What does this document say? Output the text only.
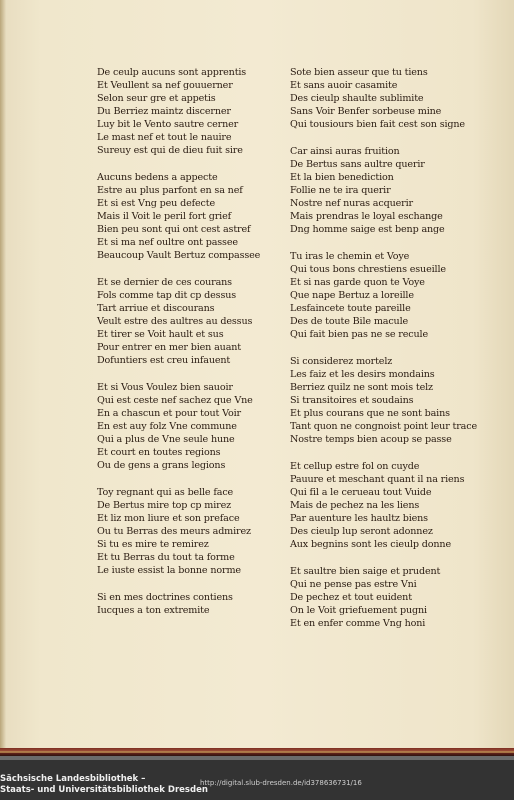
De ceulp aucuns sont apprentis
Et Veullent sa nef gouuerner
Selon seur gre et appetis
Du Berriez maintz discerner
Luy bit le Vento sautre cerner
Le mast nef et tout le nauire
Sureuy est qui de dieu fuit sire
Aucuns bedens a appecte
Estre au plus parfont en sa nef
Et si est Vng peu defecte
Mais il Voit le peril fort grief
Bien peu sont qui ont cest astref
Et si ma nef oultre ont passee
Beaucoup Vault Bertuz compassee
Et se dernier de ces courans
Fols comme tap dit cp dessus
Tart arriue et discourans
Veult estre des aultres au dessus
Et tirer se Voit hault et sus
Pour entrer en mer bien auant
Dofuntiers est creu infauent
Et si Vous Voulez bien sauoir
Qui est ceste nef sachez que Vne
En a chascun et pour tout Voir
En est auy folz Vne commune
Qui a plus de Vne seule hune
Et court en toutes regions
Ou de gens a grans legions
Toy regnant qui as belle face
De Bertus mire top cp mirez
Et liz mon liure et son preface
Ou tu Berras des meurs admirez
Si tu es mire te remirez
Et tu Berras du tout ta forme
Le iuste essist la bonne norme
Si en mes doctrines contiens
Iucques a ton extremite
Sote bien asseur que tu tiens
Et sans auoir casamite
Des cieulp shaulte sublimite
Sans Voir Benfer sorbeuse mine
Qui tousiours bien fait cest son signe
Car ainsi auras fruition
De Bertus sans aultre querir
Et la bien benediction
Follie ne te ira querir
Nostre nef nuras acquerir
Mais prendras le loyal eschange
Dng homme saige est benp ange
Tu iras le chemin et Voye
Qui tous bons chrestiens esueille
Et si nas garde quon te Voye
Que nape Bertuz a loreille
Lesfaincete toute pareille
Des de toute Bile macule
Qui fait bien pas ne se recule
Si considerez mortelz
Les faiz et les desirs mondains
Berriez quilz ne sont mois telz
Si transitoires et soudains
Et plus courans que ne sont bains
Tant quon ne congnoist point leur trace
Nostre temps bien acoup se passe
Et cellup estre fol on cuyde
Pauure et meschant quant il na riens
Qui fil a le cerueau tout Vuide
Mais de pechez na les liens
Par auenture les haultz biens
Des cieulp lup seront adonnez
Aux begnins sont les cieulp donne
Et saultre bien saige et prudent
Qui ne pense pas estre Vni
De pechez et tout euident
On le Voit griefuement pugni
Et en enfer comme Vng honi
Sächsische Landesbibliothek –
Staats- und Universitätsbibliothek Dresden
http://digital.slub-dresden.de/id378636731/16
